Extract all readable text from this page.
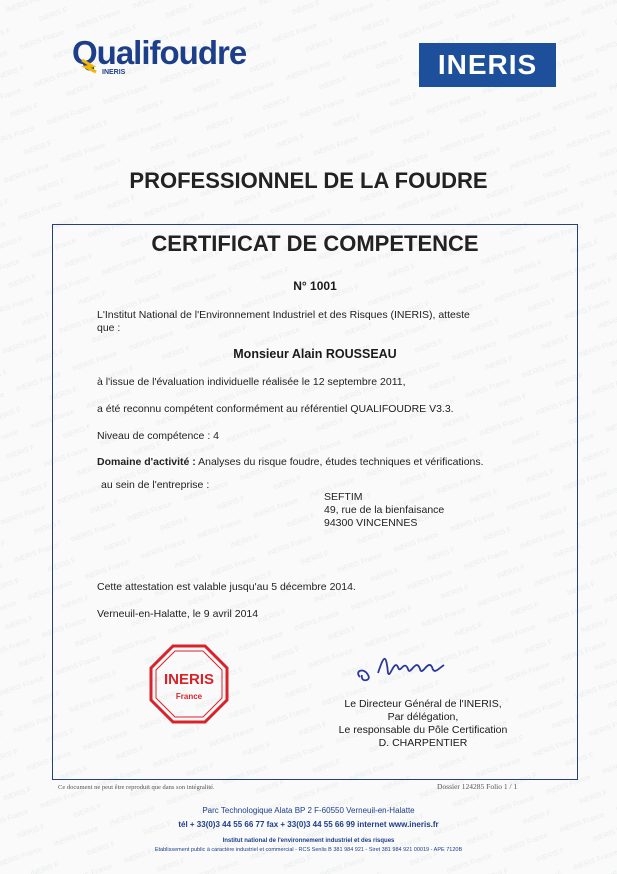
Qualifoudre
INERIS	INERIS
PROFESSIONNEL DE LA FOUDRE
CERTIFICAT DE COMPETENCE
N° 1001
L'Institut National de l'Environnement Industriel et des Risques (INERIS), atteste
que :
Monsieur Alain ROUSSEAU
à l'issue de l'évaluation individuelle réalisée le 12 septembre 2011,
a été reconnu compétent conformément au référentiel QUALIFOUDRE V3.3.
Niveau de compétence : 4
Domaine d'activité : Analyses du risque foudre, études techniques et vérifications.
au sein de l'entreprise :
SEFTIM
49, rue de la bienfaisance
94300 VINCENNES
Cette attestation est valable jusqu'au 5 décembre 2014.
Verneuil-en-Halatte, le 9 avril 2014
INERIS
France
Le Directeur Général de l'INERIS,
Par délégation,
Le responsable du Pôle Certification
D. CHARPENTIER
Ce document ne peut être reproduit que dans son intégralité.	Dossier 124285 Folio 1 / 1
Parc Technologique Alata BP 2 F-60550 Verneuil-en-Halatte
tél + 33(0)3 44 55 66 77 fax + 33(0)3 44 55 66 99 internet www.ineris.fr
Institut national de l'environnement industriel et des risques
Etablissement public à caractère industriel et commercial - RCS Senlis B 381 984 921 - Siret 381 984 921 00019 - APE 7120B
